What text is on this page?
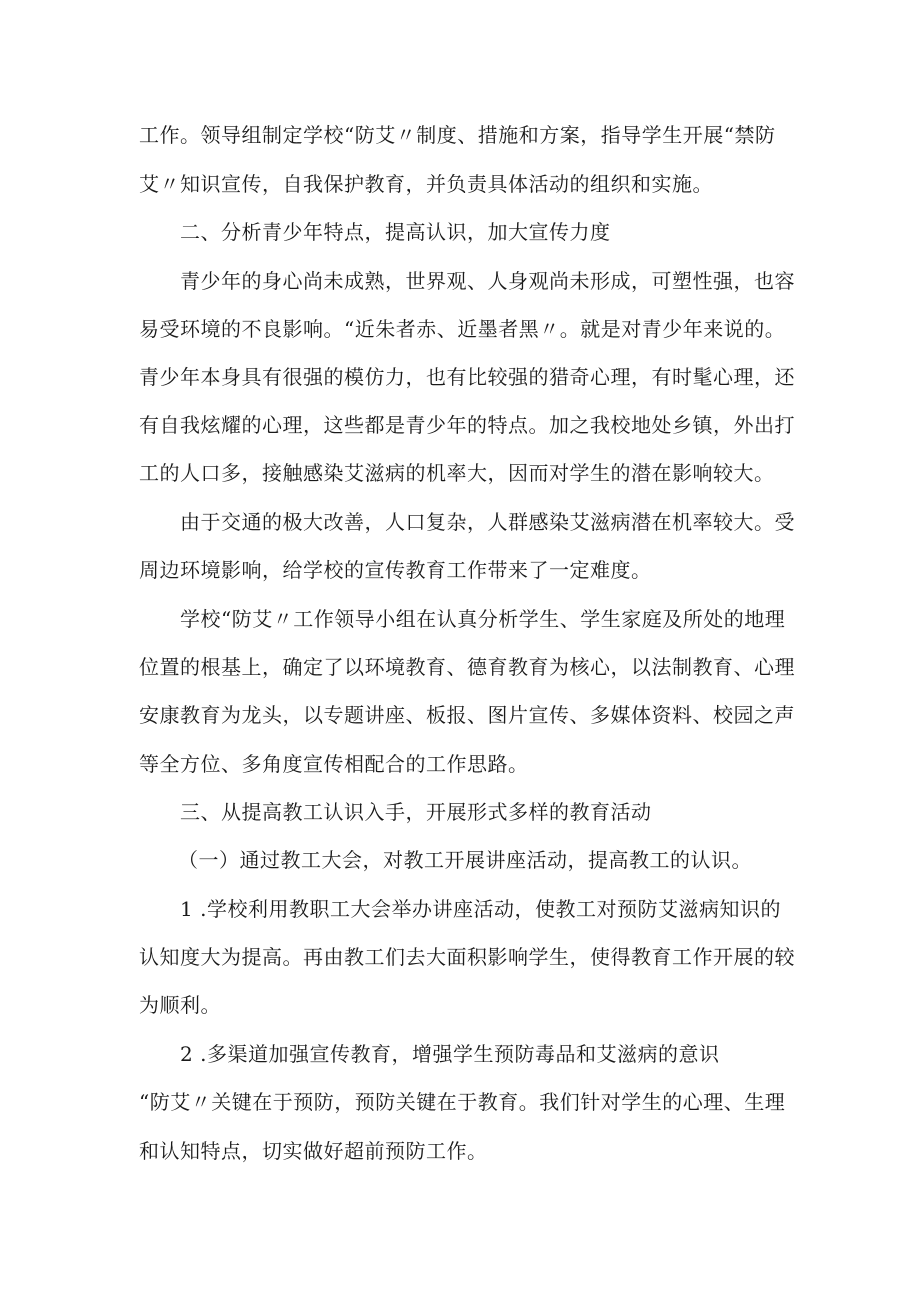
工作。领导组制定学校“防艾〃制度、措施和方案，指导学生开展“禁防
艾〃知识宣传，自我保护教育，并负责具体活动的组织和实施。
二、分析青少年特点，提高认识，加大宣传力度
青少年的身心尚未成熟，世界观、人身观尚未形成，可塑性强，也容
易受环境的不良影响。“近朱者赤、近墨者黑〃。就是对青少年来说的。
青少年本身具有很强的模仿力，也有比较强的猎奇心理，有时髦心理，还
有自我炫耀的心理，这些都是青少年的特点。加之我校地处乡镇，外出打
工的人口多，接触感染艾滋病的机率大，因而对学生的潜在影响较大。
由于交通的极大改善，人口复杂，人群感染艾滋病潜在机率较大。受
周边环境影响，给学校的宣传教育工作带来了一定难度。
学校“防艾〃工作领导小组在认真分析学生、学生家庭及所处的地理
位置的根基上，确定了以环境教育、德育教育为核心，以法制教育、心理
安康教育为龙头，以专题讲座、板报、图片宣传、多媒体资料、校园之声
等全方位、多角度宣传相配合的工作思路。
三、从提高教工认识入手，开展形式多样的教育活动
（一）通过教工大会，对教工开展讲座活动，提高教工的认识。
1 .学校利用教职工大会举办讲座活动，使教工对预防艾滋病知识的
认知度大为提高。再由教工们去大面积影响学生，使得教育工作开展的较
为顺利。
2 .多渠道加强宣传教育，增强学生预防毒品和艾滋病的意识
“防艾〃关键在于预防，预防关键在于教育。我们针对学生的心理、生理
和认知特点，切实做好超前预防工作。
